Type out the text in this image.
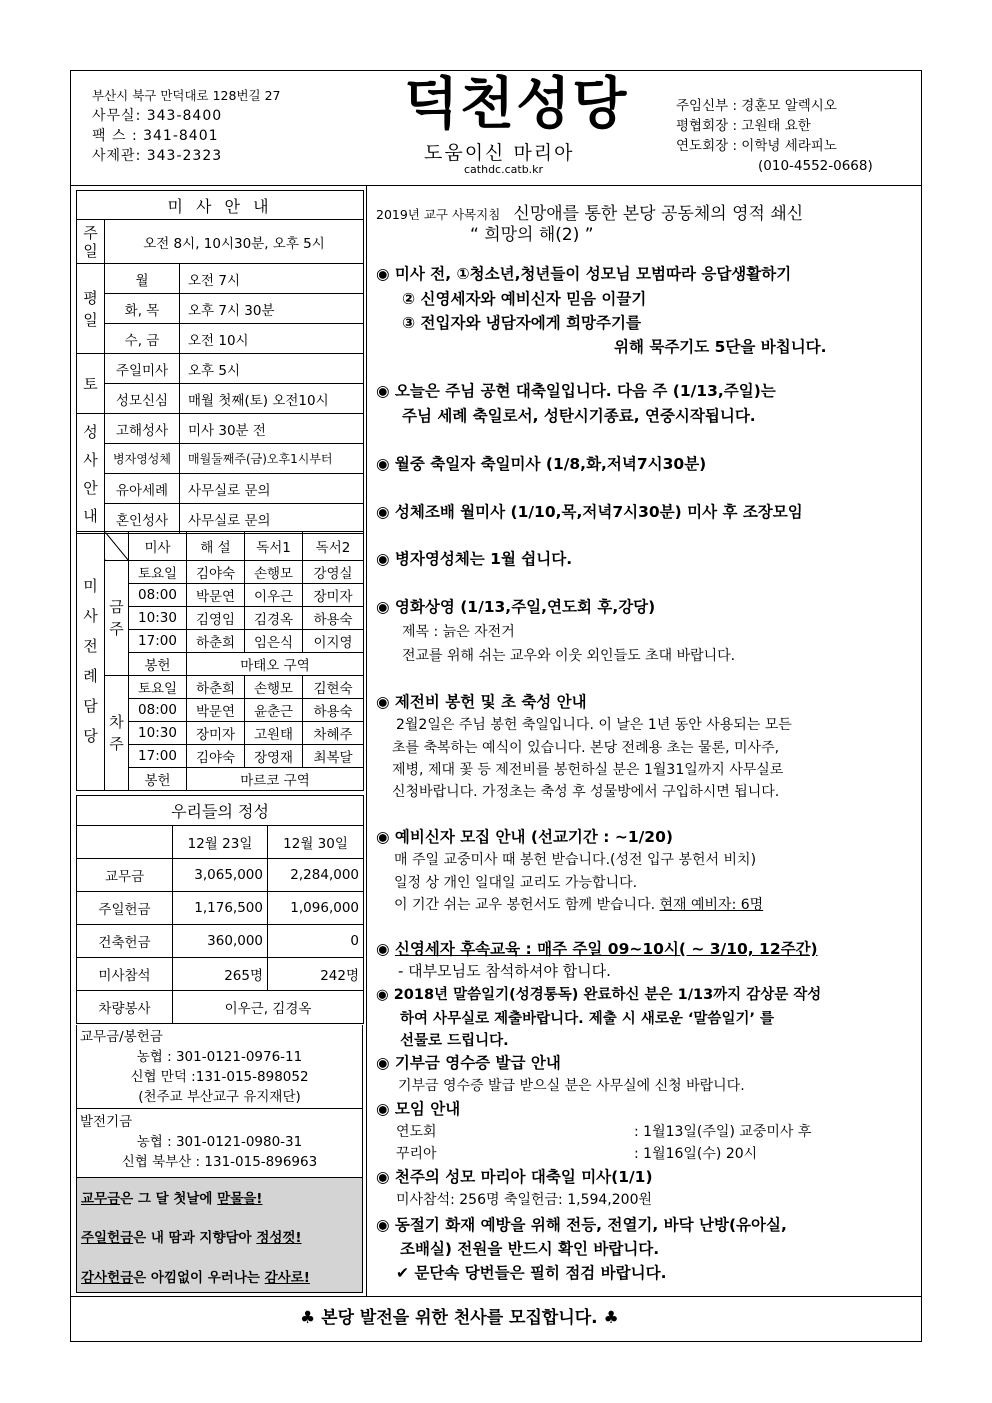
부산시 북구 만덕대로 128번길 27
사무실: 343-8400
팩 스 : 341-8401
사제관: 343-2323
덕천성당
도움이신 마리아
cathdc.catb.kr
주임신부 : 경훈모 알렉시오
평협회장 : 고원태 요한
연도회장 : 이학녕 세라피노
(010-4552-0668)
미 사 안 내		

주일	오전 8시, 10시30분, 오후 5시	

평일	월	오전 7시
	화, 목	오후 7시 30분
	수, 금	오전 10시
토	주일미사	오후 5시
	성모신심	매월 첫째(토) 오전10시

성사안내	고해성사	미사 30분 전
	병자영성체	매월둘째주(금)오후1시부터
	유아세례	사무실로 문의
	혼인성사	사무실로 문의
미사전례담당		미사	해 설	독서1	독서2

	금주	토요일	김야숙	손행모	강영실
		08:00	박문연	이우근	장미자
		10:30	김영임	김경옥	하용숙
		17:00	하춘희	임은식	이지영
		봉헌	마태오 구역		

	차주	토요일	하춘희	손행모	김현숙
		08:00	박문연	윤춘근	하용숙
		10:30	장미자	고원태	차혜주
		17:00	김야숙	장영재	최복달
		봉헌	마르코 구역		
우리들의 정성		
	12월 23일	12월 30일
교무금	3,065,000	2,284,000
주일헌금	1,176,500	1,096,000
건축헌금	360,000	0
미사참석	265명	242명
차량봉사	이우근, 김경옥	
교무금/봉헌금
농협 : 301-0121-0976-11
신협 만덕 :131-015-898052
(천주교 부산교구 유지재단)
발전기금
농협 : 301-0121-0980-31
신협 북부산 : 131-015-896963
교무금은 그 달 첫날에 맏물을!
주일헌금은 내 땀과 지향담아 정성껏!
감사헌금은 아낌없이 우러나는 감사로!
2019년 교구 사목지침 신망애를 통한 본당 공동체의 영적 쇄신
“ 희망의 해(2) ”
◉ 미사 전, ①청소년,청년들이 성모님 모범따라 응답생활하기
② 신영세자와 예비신자 믿음 이끌기
③ 전입자와 냉담자에게 희망주기를
위해 묵주기도 5단을 바칩니다.
◉ 오늘은 주님 공현 대축일입니다. 다음 주 (1/13,주일)는
주님 세례 축일로서, 성탄시기종료, 연중시작됩니다.
◉ 월중 축일자 축일미사 (1/8,화,저녁7시30분)
◉ 성체조배 월미사 (1/10,목,저녁7시30분) 미사 후 조장모임
◉ 병자영성체는 1월 쉽니다.
◉ 영화상영 (1/13,주일,연도회 후,강당)
제목 : 늙은 자전거
전교를 위해 쉬는 교우와 이웃 외인들도 초대 바랍니다.
◉ 제전비 봉헌 및 초 축성 안내
2월2일은 주님 봉헌 축일입니다. 이 날은 1년 동안 사용되는 모든
초를 축복하는 예식이 있습니다. 본당 전례용 초는 물론, 미사주,
제병, 제대 꽃 등 제전비를 봉헌하실 분은 1월31일까지 사무실로
신청바랍니다. 가정초는 축성 후 성물방에서 구입하시면 됩니다.
◉ 예비신자 모집 안내 (선교기간 : ~1/20)
매 주일 교중미사 때 봉헌 받습니다.(성전 입구 봉헌서 비치)
일정 상 개인 일대일 교리도 가능합니다.
이 기간 쉬는 교우 봉헌서도 함께 받습니다. 현재 예비자: 6명
◉ 신영세자 후속교육 : 매주 주일 09~10시( ~ 3/10, 12주간)
- 대부모님도 참석하셔야 합니다.
◉ 2018년 말씀일기(성경통독) 완료하신 분은 1/13까지 감상문 작성
하여 사무실로 제출바랍니다. 제출 시 새로운 ‘말씀일기’ 를
선물로 드립니다.
◉ 기부금 영수증 발급 안내
기부금 영수증 발급 받으실 분은 사무실에 신청 바랍니다.
◉ 모임 안내
연도회	: 1월13일(주일) 교중미사 후
꾸리아	: 1월16일(수) 20시
◉ 천주의 성모 마리아 대축일 미사(1/1)
미사참석: 256명 축일헌금: 1,594,200원
◉ 동절기 화재 예방을 위해 전등, 전열기, 바닥 난방(유아실,
조배실) 전원을 반드시 확인 바랍니다.
✔ 문단속 당번들은 필히 점검 바랍니다.
♣ 본당 발전을 위한 천사를 모집합니다. ♣
